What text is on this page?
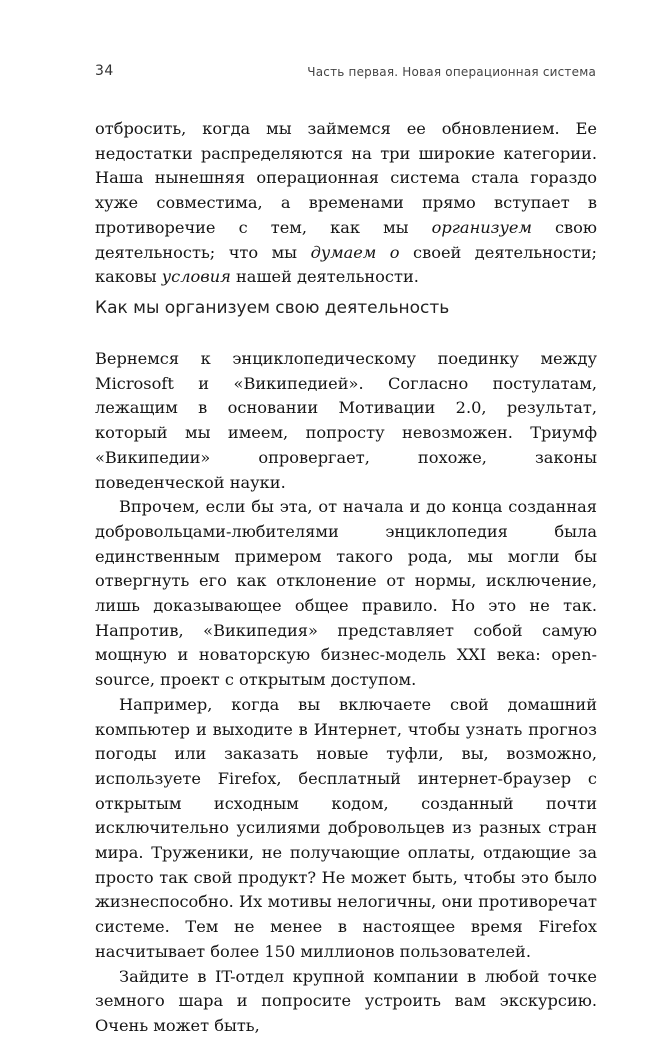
34	Часть первая. Новая операционная система

отбросить, когда мы займемся ее обновлением. Ее недостатки распределяются на три широкие категории. Наша нынешняя операционная система стала гораздо хуже совместима, а временами прямо вступает в противоречие с тем, как мы организуем свою деятельность; что мы думаем о своей деятельности; каковы условия нашей деятельности.

Как мы организуем свою деятельность

Вернемся к энциклопедическому поединку между Microsoft и «Википедией». Согласно постулатам, лежащим в основании Мотивации 2.0, результат, который мы имеем, попросту невозможен. Триумф «Википедии» опровергает, похоже, законы поведенческой науки.

Впрочем, если бы эта, от начала и до конца созданная добровольцами-любителями энциклопедия была единственным примером такого рода, мы могли бы отвергнуть его как отклонение от нормы, исключение, лишь доказывающее общее правило. Но это не так. Напротив, «Википедия» представляет собой самую мощную и новаторскую бизнес-модель XXI века: open-source, проект с открытым доступом.

Например, когда вы включаете свой домашний компьютер и выходите в Интернет, чтобы узнать прогноз погоды или заказать новые туфли, вы, возможно, используете Firefox, бесплатный интернет-браузер с открытым исходным кодом, созданный почти исключительно усилиями добровольцев из разных стран мира. Труженики, не получающие оплаты, отдающие за просто так свой продукт? Не может быть, чтобы это было жизнеспособно. Их мотивы нелогичны, они противоречат системе. Тем не менее в настоящее время Firefox насчитывает более 150 миллионов пользователей.

Зайдите в IT-отдел крупной компании в любой точке земного шара и попросите устроить вам экскурсию. Очень может быть,
